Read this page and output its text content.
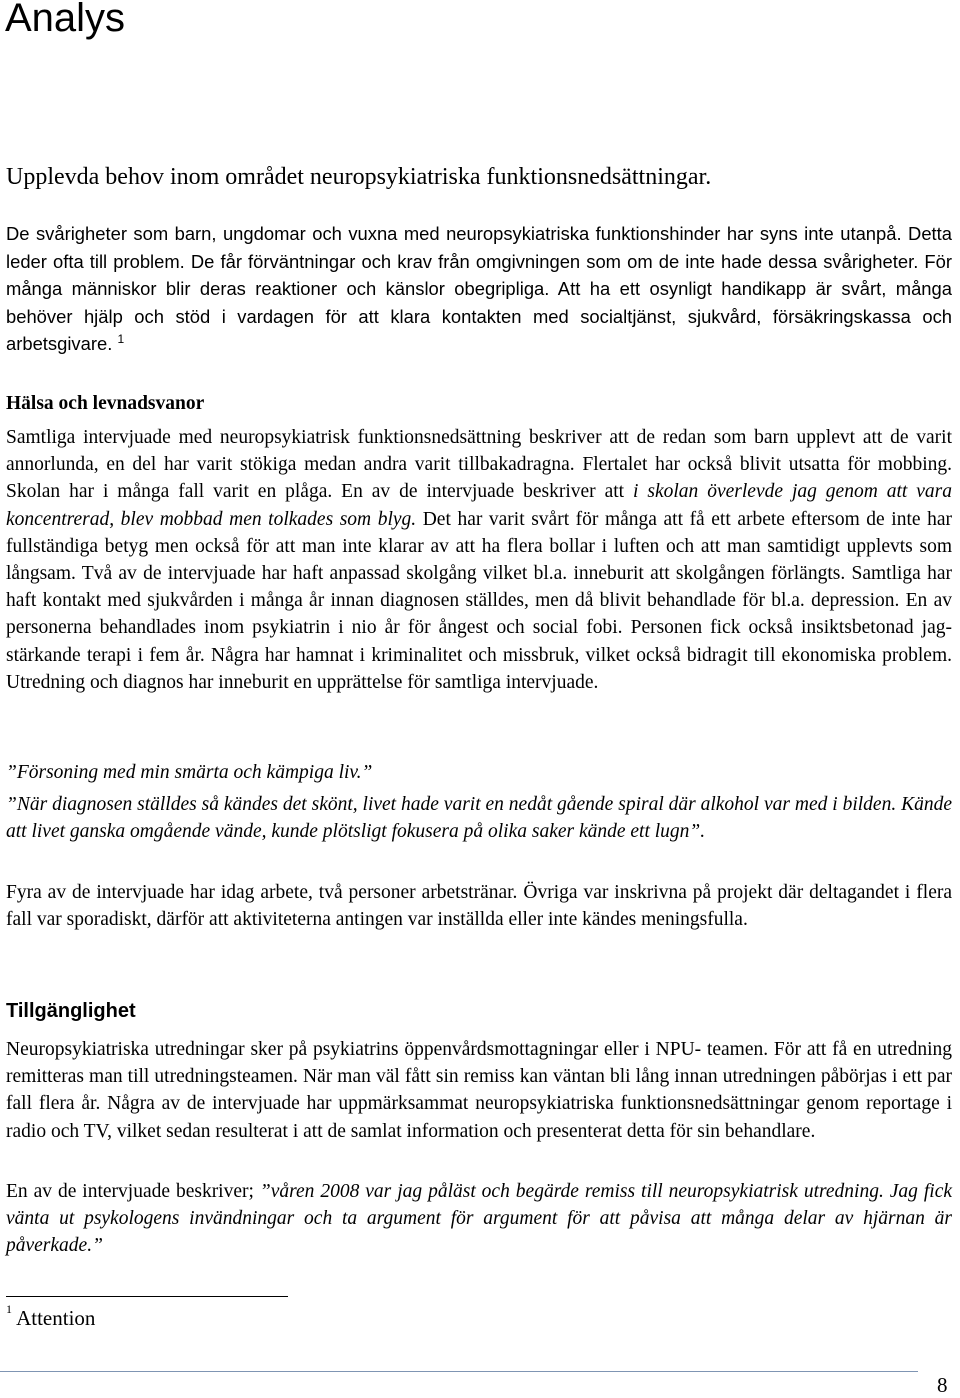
Analys

Upplevda behov inom området neuropsykiatriska funktionsnedsättningar.

De svårigheter som barn, ungdomar och vuxna med neuropsykiatriska funktionshinder har syns inte utanpå. Detta leder ofta till problem. De får förväntningar och krav från omgivningen som om de inte hade dessa svårigheter. För många människor blir deras reaktioner och känslor obegripliga. Att ha ett osynligt handikapp är svårt, många behöver hjälp och stöd i vardagen för att klara kontakten med socialtjänst, sjukvård, försäkringskassa och arbetsgivare. $^1$

Hälsa och levnadsvanor

Samtliga intervjuade med neuropsykiatrisk funktionsnedsättning beskriver att de redan som barn upplevt att de varit annorlunda, en del har varit stökiga medan andra varit tillbakadragna. Flertalet har också blivit utsatta för mobbing. Skolan har i många fall varit en plåga. En av de intervjuade beskriver att i skolan överlevde jag genom att vara koncentrerad, blev mobbad men tolkades som blyg. Det har varit svårt för många att få ett arbete eftersom de inte har fullständiga betyg men också för att man inte klarar av att ha flera bollar i luften och att man samtidigt upplevts som långsam. Två av de intervjuade har haft anpassad skolgång vilket bl.a. inneburit att skolgången förlängts. Samtliga har haft kontakt med sjukvården i många år innan diagnosen ställdes, men då blivit behandlade för bl.a. depression. En av personerna behandlades inom psykiatrin i nio år för ångest och social fobi. Personen fick också insiktsbetonad jag-stärkande terapi i fem år. Några har hamnat i kriminalitet och missbruk, vilket också bidragit till ekonomiska problem. Utredning och diagnos har inneburit en upprättelse för samtliga intervjuade.

”Försoning med min smärta och kämpiga liv.”

”När diagnosen ställdes så kändes det skönt, livet hade varit en nedåt gående spiral där alkohol var med i bilden. Kände att livet ganska omgående vände, kunde plötsligt fokusera på olika saker kände ett lugn”.

Fyra av de intervjuade har idag arbete, två personer arbetstränar. Övriga var inskrivna på projekt där deltagandet i flera fall var sporadiskt, därför att aktiviteterna antingen var inställda eller inte kändes meningsfulla.

Tillgänglighet

Neuropsykiatriska utredningar sker på psykiatrins öppenvårdsmottagningar eller i NPU- teamen. För att få en utredning remitteras man till utredningsteamen. När man väl fått sin remiss kan väntan bli lång innan utredningen påbörjas i ett par fall flera år. Några av de intervjuade har uppmärksammat neuropsykiatriska funktionsnedsättningar genom reportage i radio och TV, vilket sedan resulterat i att de samlat information och presenterat detta för sin behandlare.

En av de intervjuade beskriver; ”våren 2008 var jag påläst och begärde remiss till neuropsykiatrisk utredning. Jag fick vänta ut psykologens invändningar och ta argument för argument för att påvisa att många delar av hjärnan är påverkade.”

$^1$ Attention

8
